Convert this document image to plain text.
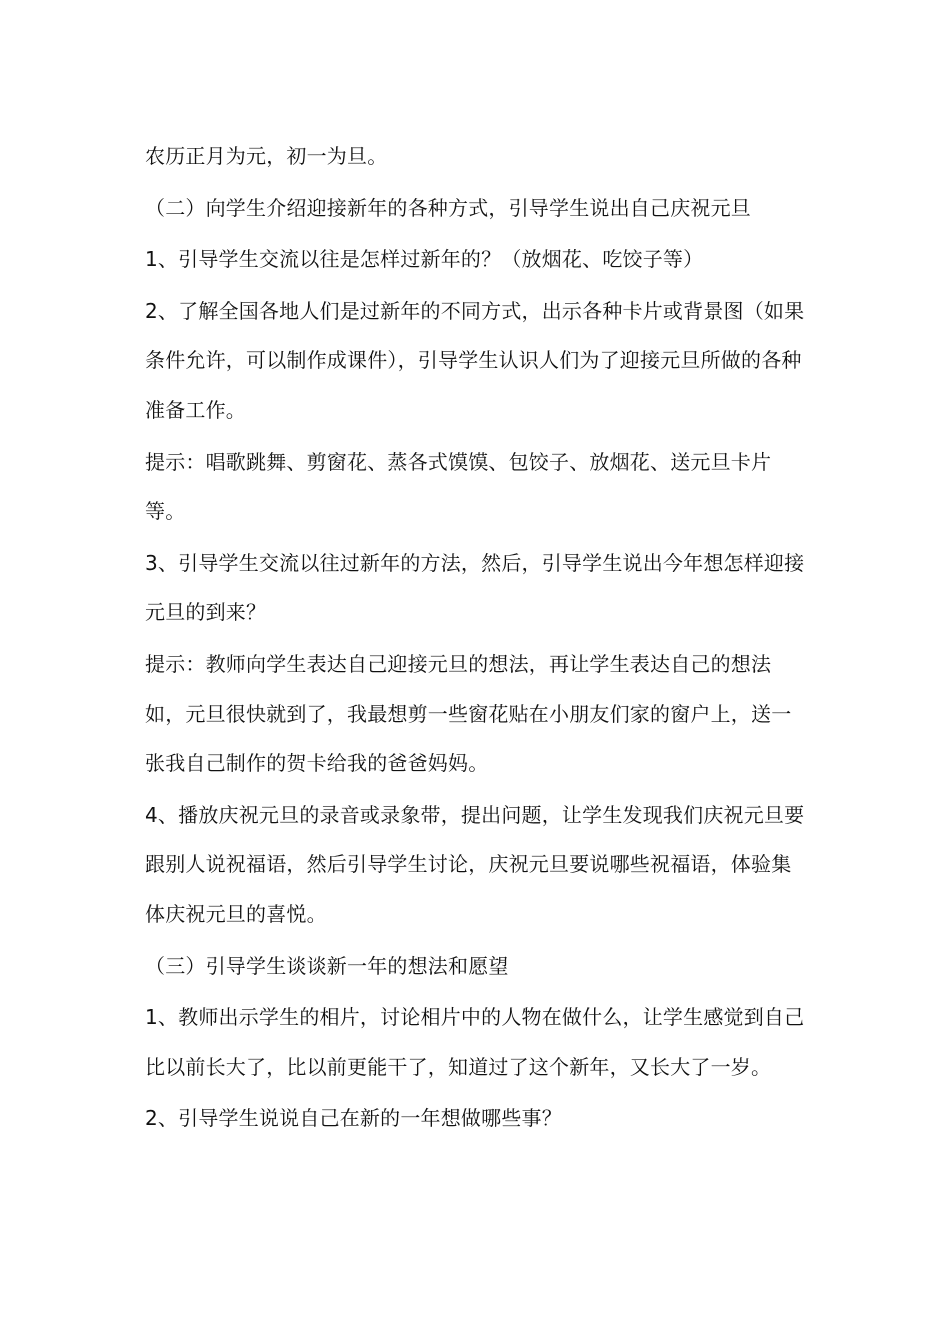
农历正月为元，初一为旦。

（二）向学生介绍迎接新年的各种方式，引导学生说出自己庆祝元旦

1、引导学生交流以往是怎样过新年的？（放烟花、吃饺子等）

2、了解全国各地人们是过新年的不同方式，出示各种卡片或背景图（如果条件允许，可以制作成课件），引导学生认识人们为了迎接元旦所做的各种准备工作。

提示：唱歌跳舞、剪窗花、蒸各式馍馍、包饺子、放烟花、送元旦卡片等。

3、引导学生交流以往过新年的方法，然后，引导学生说出今年想怎样迎接元旦的到来？

提示：教师向学生表达自己迎接元旦的想法，再让学生表达自己的想法如，元旦很快就到了，我最想剪一些窗花贴在小朋友们家的窗户上，送一张我自己制作的贺卡给我的爸爸妈妈。

4、播放庆祝元旦的录音或录象带，提出问题，让学生发现我们庆祝元旦要跟别人说祝福语，然后引导学生讨论，庆祝元旦要说哪些祝福语，体验集体庆祝元旦的喜悦。

（三）引导学生谈谈新一年的想法和愿望

1、教师出示学生的相片，讨论相片中的人物在做什么，让学生感觉到自己比以前长大了，比以前更能干了，知道过了这个新年，又长大了一岁。

2、引导学生说说自己在新的一年想做哪些事？
